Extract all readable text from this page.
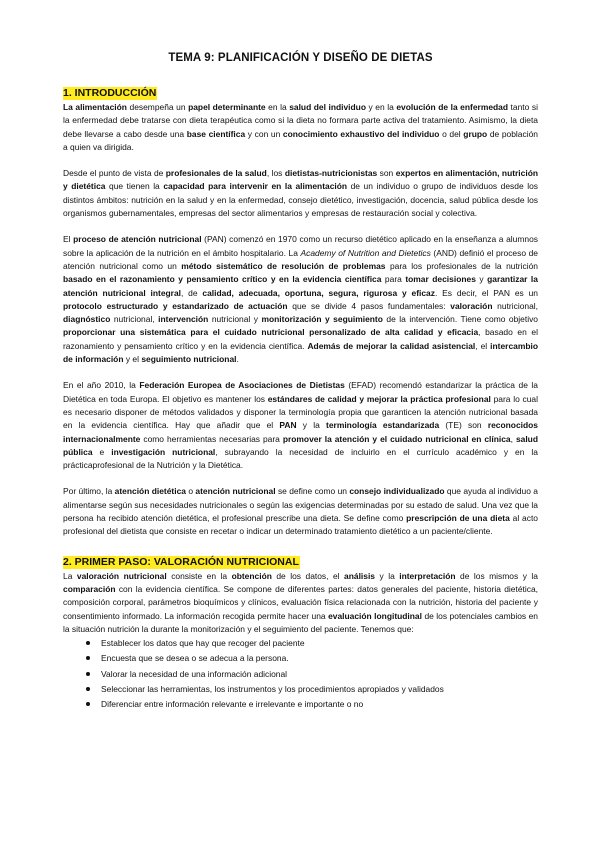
TEMA 9: PLANIFICACIÓN Y DISEÑO DE DIETAS
1. INTRODUCCIÓN

La alimentación desempeña un papel determinante en la salud del individuo y en la evolución de la enfermedad tanto si la enfermedad debe tratarse con dieta terapéutica como si la dieta no formara parte activa del tratamiento. Asimismo, la dieta debe llevarse a cabo desde una base científica y con un conocimiento exhaustivo del individuo o del grupo de población a quien va dirigida.

Desde el punto de vista de profesionales de la salud, los dietistas-nutricionistas son expertos en alimentación, nutrición y dietética que tienen la capacidad para intervenir en la alimentación de un individuo o grupo de individuos desde los distintos ámbitos: nutrición en la salud y en la enfermedad, consejo dietético, investigación, docencia, salud pública desde los organismos gubernamentales, empresas del sector alimentarios y empresas de restauración social y colectiva.

El proceso de atención nutricional (PAN) comenzó en 1970 como un recurso dietético aplicado en la enseñanza a alumnos sobre la aplicación de la nutrición en el ámbito hospitalario. La Academy of Nutrition and Dietetics (AND) definió el proceso de atención nutricional como un método sistemático de resolución de problemas para los profesionales de la nutrición basado en el razonamiento y pensamiento crítico y en la evidencia científica para tomar decisiones y garantizar la atención nutricional integral, de calidad, adecuada, oportuna, segura, rigurosa y eficaz. Es decir, el PAN es un protocolo estructurado y estandarizado de actuación que se divide 4 pasos fundamentales: valoración nutricional, diagnóstico nutricional, intervención nutricional y monitorización y seguimiento de la intervención. Tiene como objetivo proporcionar una sistemática para el cuidado nutricional personalizado de alta calidad y eficacia, basado en el razonamiento y pensamiento crítico y en la evidencia científica. Además de mejorar la calidad asistencial, el intercambio de información y el seguimiento nutricional.

En el año 2010, la Federación Europea de Asociaciones de Dietistas (EFAD) recomendó estandarizar la práctica de la Dietética en toda Europa. El objetivo es mantener los estándares de calidad y mejorar la práctica profesional para lo cual es necesario disponer de métodos validados y disponer la terminología propia que garanticen la atención nutricional basada en la evidencia científica. Hay que añadir que el PAN y la terminología estandarizada (TE) son reconocidos internacionalmente como herramientas necesarias para promover la atención y el cuidado nutricional en clínica, salud pública e investigación nutricional, subrayando la necesidad de incluirlo en el currículo académico y en la prácticaprofesional de la Nutrición y la Dietética.

Por último, la atención dietética o atención nutricional se define como un consejo individualizado que ayuda al individuo a alimentarse según sus necesidades nutricionales o según las exigencias determinadas por su estado de salud. Una vez que la persona ha recibido atención dietética, el profesional prescribe una dieta. Se define como prescripción de una dieta al acto profesional del dietista que consiste en recetar o indicar un determinado tratamiento dietético a un paciente/cliente.

2. PRIMER PASO: VALORACIÓN NUTRICIONAL

La valoración nutricional consiste en la obtención de los datos, el análisis y la interpretación de los mismos y la comparación con la evidencia científica. Se compone de diferentes partes: datos generales del paciente, historia dietética, composición corporal, parámetros bioquímicos y clínicos, evaluación física relacionada con la nutrición, historia del paciente y consentimiento informado. La información recogida permite hacer una evaluación longitudinal de los potenciales cambios en la situación nutrición la durante la monitorización y el seguimiento del paciente. Tenemos que:

Establecer los datos que hay que recoger del paciente
Encuesta que se desea o se adecua a la persona.
Valorar la necesidad de una información adicional
Seleccionar las herramientas, los instrumentos y los procedimientos apropiados y validados
Diferenciar entre información relevante e irrelevante e importante o no
